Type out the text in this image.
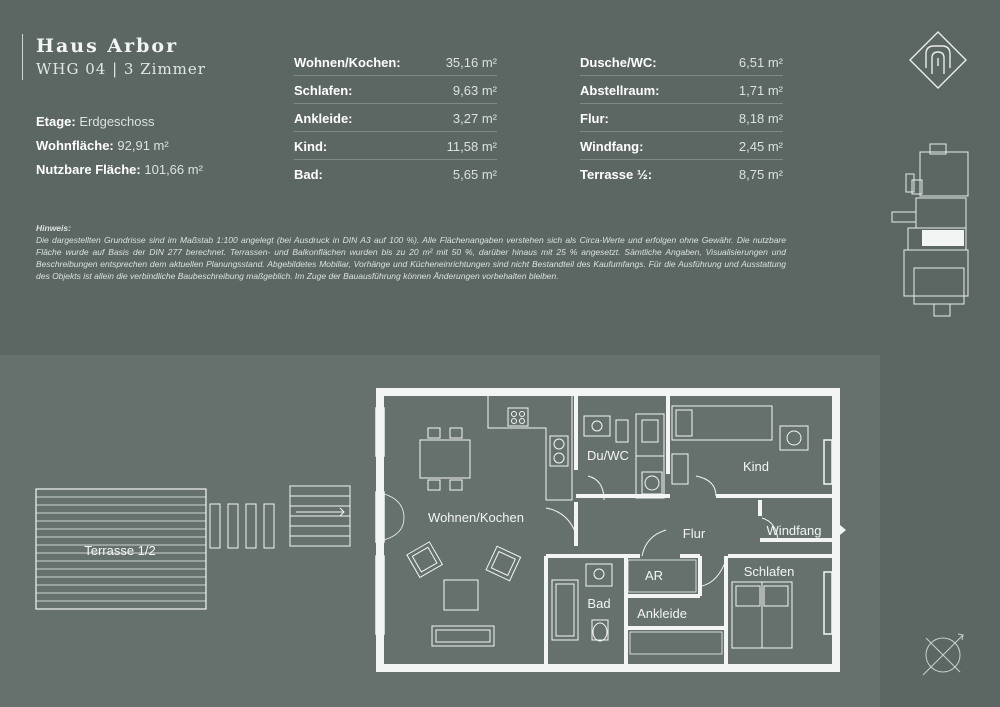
Haus Arbor
WHG 04 | 3 Zimmer
Etage: Erdgeschoss
Wohnfläche: 92,91 m²
Nutzbare Fläche: 101,66 m²
Wohnen/Kochen:	35,16 m²
Schlafen:	9,63 m²
Ankleide:	3,27 m²
Kind:	11,58 m²
Bad:	5,65 m²
Dusche/WC:	6,51 m²
Abstellraum:	1,71 m²
Flur:	8,18 m²
Windfang:	2,45 m²
Terrasse ½:	8,75 m²
Hinweis:
Die dargestellten Grundrisse sind im Maßstab 1:100 angelegt (bei Ausdruck in DIN A3 auf 100 %). Alle Flächenangaben verstehen sich als Circa-Werte und erfolgen ohne Gewähr. Die nutzbare Fläche wurde auf Basis der DIN 277 berechnet. Terrassen- und Balkonflächen wurden bis zu 20 m² mit 50 %, darüber hinaus mit 25 % angesetzt. Sämtliche Angaben, Visualisierungen und Beschreibungen entsprechen dem aktuellen Planungsstand. Abgebildetes Mobiliar, Vorhänge und Kücheneinrichtungen sind nicht Bestandteil des Kaufumfangs. Für die Ausführung und Ausstattung des Objekts ist allein die verbindliche Baubeschreibung maßgeblich. Im Zuge der Bauausführung können Änderungen vorbehalten bleiben.
Terrasse 1/2
Wohnen/Kochen
Du/WC
Kind
Flur	Windfang
AR	Schlafen
Bad
Ankleide
